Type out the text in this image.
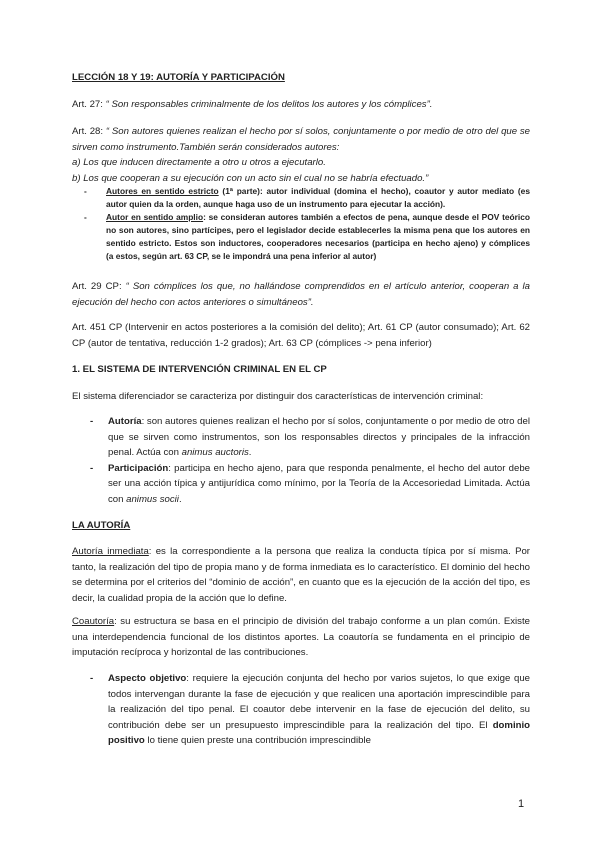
LECCIÓN 18 Y 19: AUTORÍA Y PARTICIPACIÓN
Art. 27: “ Son responsables criminalmente de los delitos los autores y los cómplices”.
Art. 28: “ Son autores quienes realizan el hecho por sí solos, conjuntamente o por medio de otro del que se sirven como instrumento.También serán considerados autores:
a) Los que inducen directamente a otro u otros a ejecutarlo.
b) Los que cooperan a su ejecución con un acto sin el cual no se habría efectuado.”
- Autores en sentido estricto (1ª parte): autor individual (domina el hecho), coautor y autor mediato (es autor quien da la orden, aunque haga uso de un instrumento para ejecutar la acción).
- Autor en sentido amplio: se consideran autores también a efectos de pena, aunque desde el POV teórico no son autores, sino partícipes, pero el legislador decide establecerles la misma pena que los autores en sentido estricto. Estos son inductores, cooperadores necesarios (participa en hecho ajeno) y cómplices (a estos, según art. 63 CP, se le impondrá una pena inferior al autor)
Art. 29 CP: “ Son cómplices los que, no hallándose comprendidos en el artículo anterior, cooperan a la ejecución del hecho con actos anteriores o simultáneos”.
Art. 451 CP (Intervenir en actos posteriores a la comisión del delito); Art. 61 CP (autor consumado); Art. 62 CP (autor de tentativa, reducción 1-2 grados); Art. 63 CP (cómplices -> pena inferior)
1. EL SISTEMA DE INTERVENCIÓN CRIMINAL EN EL CP
El sistema diferenciador se caracteriza por distinguir dos características de intervención criminal:
- Autoría: son autores quienes realizan el hecho por sí solos, conjuntamente o por medio de otro del que se sirven como instrumentos, son los responsables directos y principales de la infracción penal. Actúa con animus auctoris.
- Participación: participa en hecho ajeno, para que responda penalmente, el hecho del autor debe ser una acción típica y antijurídica como mínimo, por la Teoría de la Accesoriedad Limitada. Actúa con animus socii.
LA AUTORÍA
Autoría inmediata: es la correspondiente a la persona que realiza la conducta típica por sí misma. Por tanto, la realización del tipo de propia mano y de forma inmediata es lo característico. El dominio del hecho se determina por el criterios del “dominio de acción”, en cuanto que es la ejecución de la acción del tipo, es decir, la cualidad propia de la acción que lo define.
Coautoría: su estructura se basa en el principio de división del trabajo conforme a un plan común. Existe una interdependencia funcional de los distintos aportes. La coautoría se fundamenta en el principio de imputación recíproca y horizontal de las contribuciones.
- Aspecto objetivo: requiere la ejecución conjunta del hecho por varios sujetos, lo que exige que todos intervengan durante la fase de ejecución y que realicen una aportación imprescindible para la realización del tipo penal. El coautor debe intervenir en la fase de ejecución del delito, su contribución debe ser un presupuesto imprescindible para la realización del tipo. El dominio positivo lo tiene quien preste una contribución imprescindible
1
